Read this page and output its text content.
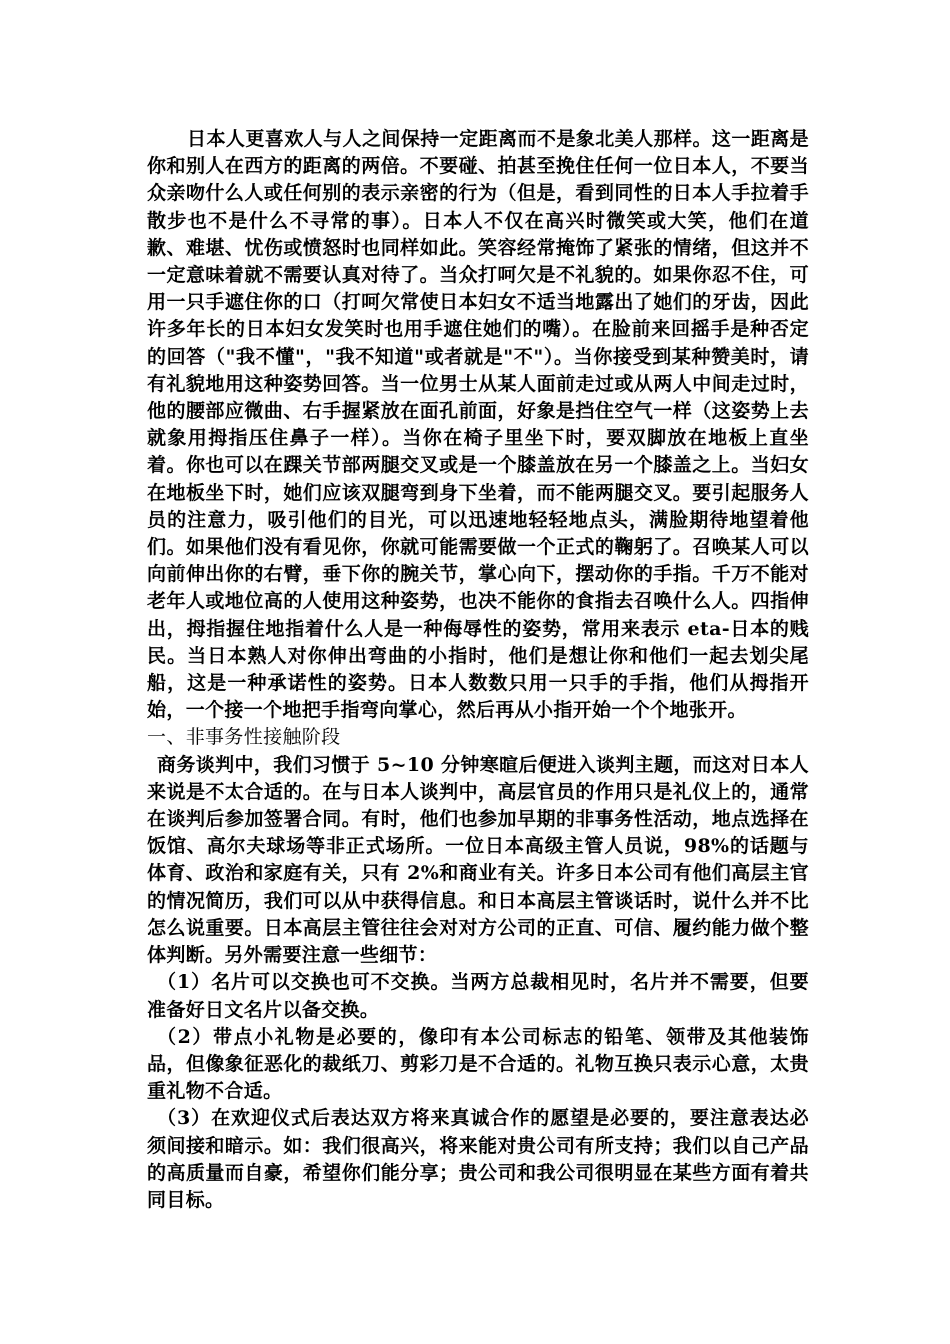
日本人更喜欢人与人之间保持一定距离而不是象北美人那样。这一距离是你和别人在西方的距离的两倍。不要碰、拍甚至挽住任何一位日本人，不要当众亲吻什么人或任何别的表示亲密的行为（但是，看到同性的日本人手拉着手散步也不是什么不寻常的事）。日本人不仅在高兴时微笑或大笑，他们在道歉、难堪、忧伤或愤怒时也同样如此。笑容经常掩饰了紧张的情绪，但这并不一定意味着就不需要认真对待了。当众打呵欠是不礼貌的。如果你忍不住，可用一只手遮住你的口（打呵欠常使日本妇女不适当地露出了她们的牙齿，因此许多年长的日本妇女发笑时也用手遮住她们的嘴）。在脸前来回摇手是种否定的回答（"我不懂"，"我不知道"或者就是"不"）。当你接受到某种赞美时，请有礼貌地用这种姿势回答。当一位男士从某人面前走过或从两人中间走过时，他的腰部应微曲、右手握紧放在面孔前面，好象是挡住空气一样（这姿势上去就象用拇指压住鼻子一样）。当你在椅子里坐下时，要双脚放在地板上直坐着。你也可以在踝关节部两腿交叉或是一个膝盖放在另一个膝盖之上。当妇女在地板坐下时，她们应该双腿弯到身下坐着，而不能两腿交叉。要引起服务人员的注意力，吸引他们的目光，可以迅速地轻轻地点头，满脸期待地望着他们。如果他们没有看见你，你就可能需要做一个正式的鞠躬了。召唤某人可以向前伸出你的右臂，垂下你的腕关节，掌心向下，摆动你的手指。千万不能对老年人或地位高的人使用这种姿势，也决不能你的食指去召唤什么人。四指伸出，拇指握住地指着什么人是一种侮辱性的姿势，常用来表示 eta-日本的贱民。当日本熟人对你伸出弯曲的小指时，他们是想让你和他们一起去划尖尾船，这是一种承诺性的姿势。日本人数数只用一只手的手指，他们从拇指开始，一个接一个地把手指弯向掌心，然后再从小指开始一个个地张开。

一、非事务性接触阶段

商务谈判中，我们习惯于 5~10 分钟寒暄后便进入谈判主题，而这对日本人来说是不太合适的。在与日本人谈判中，高层官员的作用只是礼仪上的，通常在谈判后参加签署合同。有时，他们也参加早期的非事务性活动，地点选择在饭馆、高尔夫球场等非正式场所。一位日本高级主管人员说，98%的话题与体育、政治和家庭有关，只有 2%和商业有关。许多日本公司有他们高层主官的情况简历，我们可以从中获得信息。和日本高层主管谈话时，说什么并不比怎么说重要。日本高层主管往往会对对方公司的正直、可信、履约能力做个整体判断。另外需要注意一些细节：

（1）名片可以交换也可不交换。当两方总裁相见时，名片并不需要，但要准备好日文名片以备交换。

（2）带点小礼物是必要的，像印有本公司标志的铅笔、领带及其他装饰品，但像象征恶化的裁纸刀、剪彩刀是不合适的。礼物互换只表示心意，太贵重礼物不合适。

（3）在欢迎仪式后表达双方将来真诚合作的愿望是必要的，要注意表达必须间接和暗示。如：我们很高兴，将来能对贵公司有所支持；我们以自己产品的高质量而自豪，希望你们能分享；贵公司和我公司很明显在某些方面有着共同目标。
